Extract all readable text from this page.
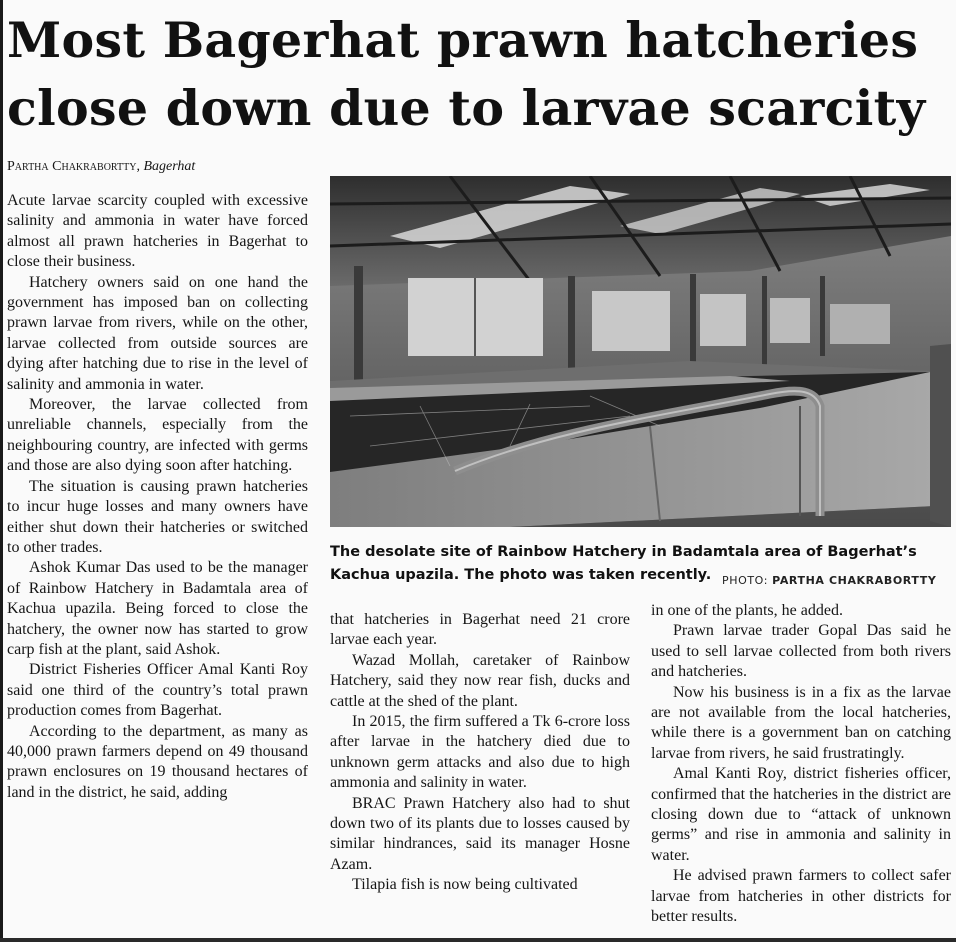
Most Bagerhat prawn hatcheries close down due to larvae scarcity
Partha Chakrabortty, Bagerhat

Acute larvae scarcity coupled with excessive salinity and ammonia in water have forced almost all prawn hatcheries in Bagerhat to close their business.

Hatchery owners said on one hand the government has imposed ban on collecting prawn larvae from rivers, while on the other, larvae collected from outside sources are dying after hatching due to rise in the level of salinity and ammonia in water.

Moreover, the larvae collected from unreliable channels, especially from the neighbouring country, are infected with germs and those are also dying soon after hatching.

The situation is causing prawn hatcheries to incur huge losses and many owners have either shut down their hatcheries or switched to other trades.

Ashok Kumar Das used to be the manager of Rainbow Hatchery in Badamtala area of Kachua upazila. Being forced to close the hatchery, the owner now has started to grow carp fish at the plant, said Ashok.

District Fisheries Officer Amal Kanti Roy said one third of the country’s total prawn production comes from Bagerhat.

According to the department, as many as 40,000 prawn farmers depend on 49 thousand prawn enclosures on 19 thousand hectares of land in the district, he said, adding

The desolate site of Rainbow Hatchery in Badamtala area of Bagerhat’s Kachua upazila. The photo was taken recently. PHOTO: PARTHA CHAKRABORTTY

that hatcheries in Bagerhat need 21 crore larvae each year.

Wazad Mollah, caretaker of Rainbow Hatchery, said they now rear fish, ducks and cattle at the shed of the plant.

In 2015, the firm suffered a Tk 6-crore loss after larvae in the hatchery died due to unknown germ attacks and also due to high ammonia and salinity in water.

BRAC Prawn Hatchery also had to shut down two of its plants due to losses caused by similar hindrances, said its manager Hosne Azam.

Tilapia fish is now being cultivated

in one of the plants, he added.

Prawn larvae trader Gopal Das said he used to sell larvae collected from both rivers and hatcheries.

Now his business is in a fix as the larvae are not available from the local hatcheries, while there is a government ban on catching larvae from rivers, he said frustratingly.

Amal Kanti Roy, district fisheries officer, confirmed that the hatcheries in the district are closing down due to “attack of unknown germs” and rise in ammonia and salinity in water.

He advised prawn farmers to collect safer larvae from hatcheries in other districts for better results.
